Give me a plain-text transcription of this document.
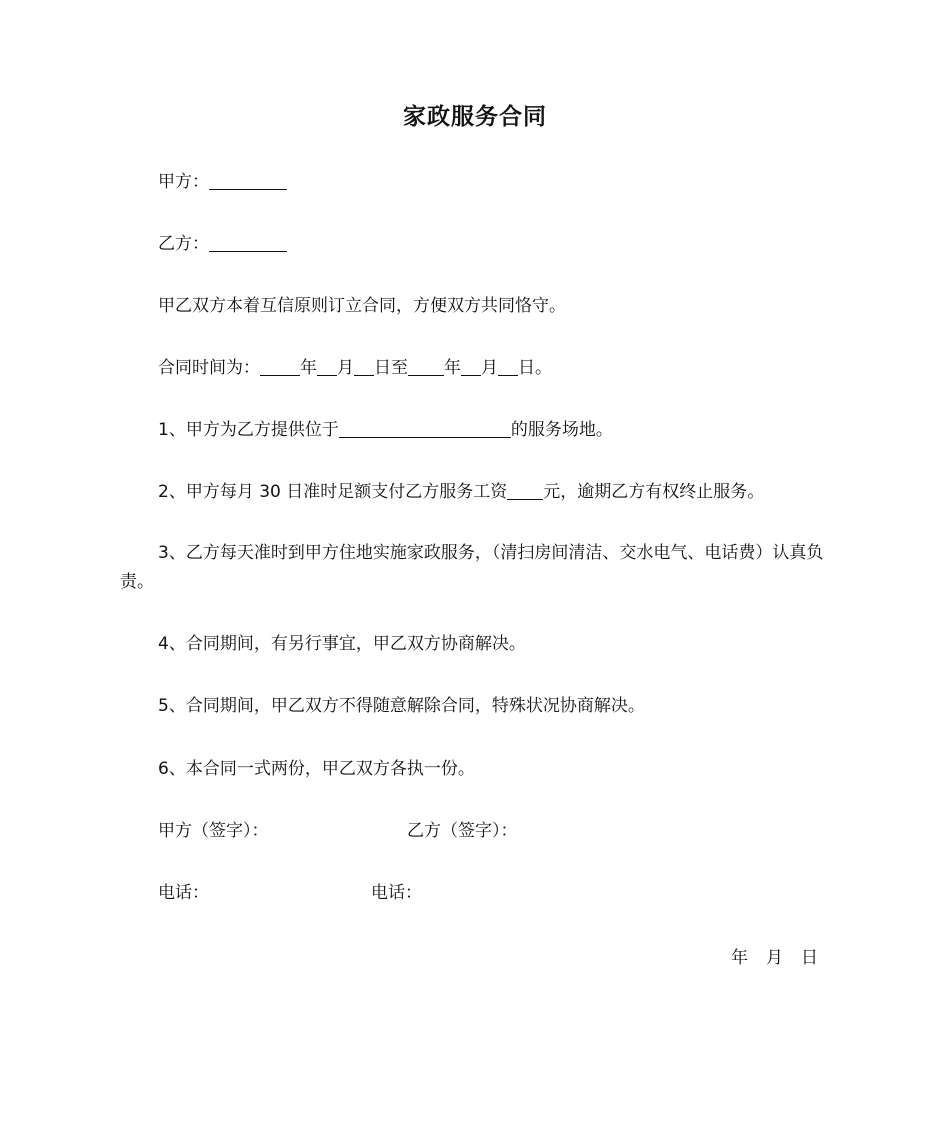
家政服务合同
甲方：
乙方：
甲乙双方本着互信原则订立合同，方便双方共同恪守。
合同时间为： 年 月 日至 年 月 日。
1、甲方为乙方提供位于	的服务场地。
2、甲方每月 30 日准时足额支付乙方服务工资 元，逾期乙方有权终止服务。
3、乙方每天准时到甲方住地实施家政服务，（清扫房间清洁、交水电气、电话费）认真负责。
4、合同期间，有另行事宜，甲乙双方协商解决。
5、合同期间，甲乙双方不得随意解除合同，特殊状况协商解决。
6、本合同一式两份，甲乙双方各执一份。
甲方（签字）：	乙方（签字）：
电话：	电话：
年 月 日
